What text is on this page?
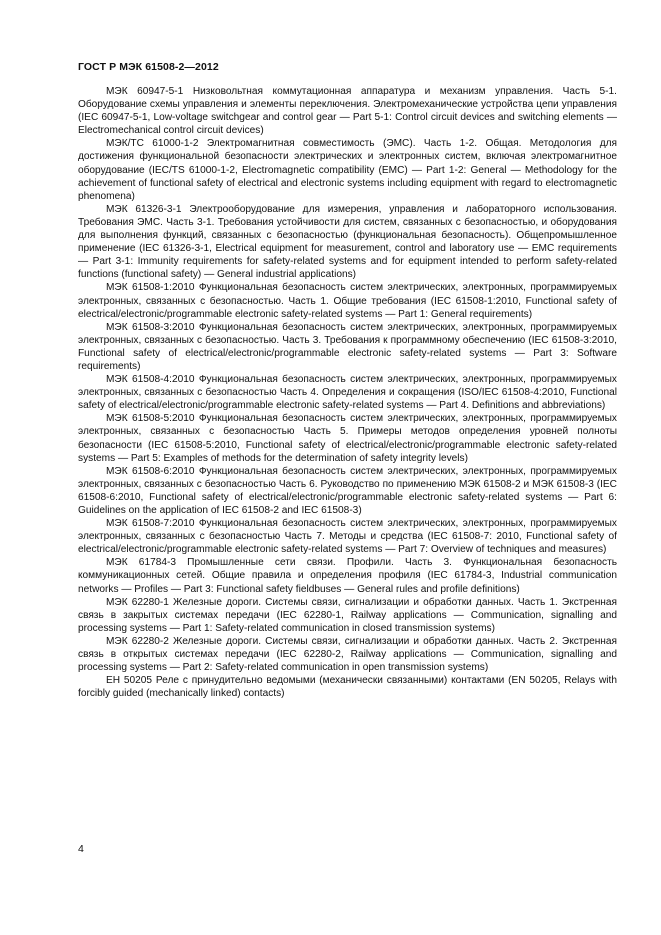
ГОСТ Р МЭК 61508-2—2012

МЭК 60947-5-1 Низковольтная коммутационная аппаратура и механизм управления. Часть 5-1. Оборудование схемы управления и элементы переключения. Электромеханические устройства цепи управления (IEC 60947-5-1, Low-voltage switchgear and control gear — Part 5-1: Control circuit devices and switching elements — Electromechanical control circuit devices)

МЭК/ТС 61000-1-2 Электромагнитная совместимость (ЭМС). Часть 1-2. Общая. Методология для достижения функциональной безопасности электрических и электронных систем, включая электромагнитное оборудование (IEC/TS 61000-1-2, Electromagnetic compatibility (EMC) — Part 1-2: General — Methodology for the achievement of functional safety of electrical and electronic systems including equipment with regard to electromagnetic phenomena)

МЭК 61326-3-1 Электрооборудование для измерения, управления и лабораторного использования. Требования ЭМС. Часть 3-1. Требования устойчивости для систем, связанных с безопасностью, и оборудования для выполнения функций, связанных с безопасностью (функциональная безопасность). Общепромышленное применение (IEC 61326-3-1, Electrical equipment for measurement, control and laboratory use — EMC requirements — Part 3-1: Immunity requirements for safety-related systems and for equipment intended to perform safety-related functions (functional safety) — General industrial applications)

МЭК 61508-1:2010 Функциональная безопасность систем электрических, электронных, программируемых электронных, связанных с безопасностью. Часть 1. Общие требования (IEC 61508-1:2010, Functional safety of electrical/electronic/programmable electronic safety-related systems — Part 1: General requirements)

МЭК 61508-3:2010 Функциональная безопасность систем электрических, электронных, программируемых электронных, связанных с безопасностью. Часть 3. Требования к программному обеспечению (IEC 61508-3:2010, Functional safety of electrical/electronic/programmable electronic safety-related systems — Part 3: Software requirements)

МЭК 61508-4:2010 Функциональная безопасность систем электрических, электронных, программируемых электронных, связанных с безопасностью Часть 4. Определения и сокращения (ISO/IEC 61508-4:2010, Functional safety of electrical/electronic/programmable electronic safety-related systems — Part 4. Definitions and abbreviations)

МЭК 61508-5:2010 Функциональная безопасность систем электрических, электронных, программируемых электронных, связанных с безопасностью Часть 5. Примеры методов определения уровней полноты безопасности (IEC 61508-5:2010, Functional safety of electrical/electronic/programmable electronic safety-related systems — Part 5: Examples of methods for the determination of safety integrity levels)

МЭК 61508-6:2010 Функциональная безопасность систем электрических, электронных, программируемых электронных, связанных с безопасностью Часть 6. Руководство по применению МЭК 61508-2 и МЭК 61508-3 (IEC 61508-6:2010, Functional safety of electrical/electronic/programmable electronic safety-related systems — Part 6: Guidelines on the application of IEC 61508-2 and IEC 61508-3)

МЭК 61508-7:2010 Функциональная безопасность систем электрических, электронных, программируемых электронных, связанных с безопасностью Часть 7. Методы и средства (IEC 61508-7: 2010, Functional safety of electrical/electronic/programmable electronic safety-related systems — Part 7: Overview of techniques and measures)

МЭК 61784-3 Промышленные сети связи. Профили. Часть 3. Функциональная безопасность коммуникационных сетей. Общие правила и определения профиля (IEC 61784-3, Industrial communication networks — Profiles — Part 3: Functional safety fieldbuses — General rules and profile definitions)

МЭК 62280-1 Железные дороги. Системы связи, сигнализации и обработки данных. Часть 1. Экстренная связь в закрытых системах передачи (IEC 62280-1, Railway applications — Communication, signalling and processing systems — Part 1: Safety-related communication in closed transmission systems)

МЭК 62280-2 Железные дороги. Системы связи, сигнализации и обработки данных. Часть 2. Экстренная связь в открытых системах передачи (IEC 62280-2, Railway applications — Communication, signalling and processing systems — Part 2: Safety-related communication in open transmission systems)

EH 50205 Реле с принудительно ведомыми (механически связанными) контактами (EN 50205, Relays with forcibly guided (mechanically linked) contacts)

4
